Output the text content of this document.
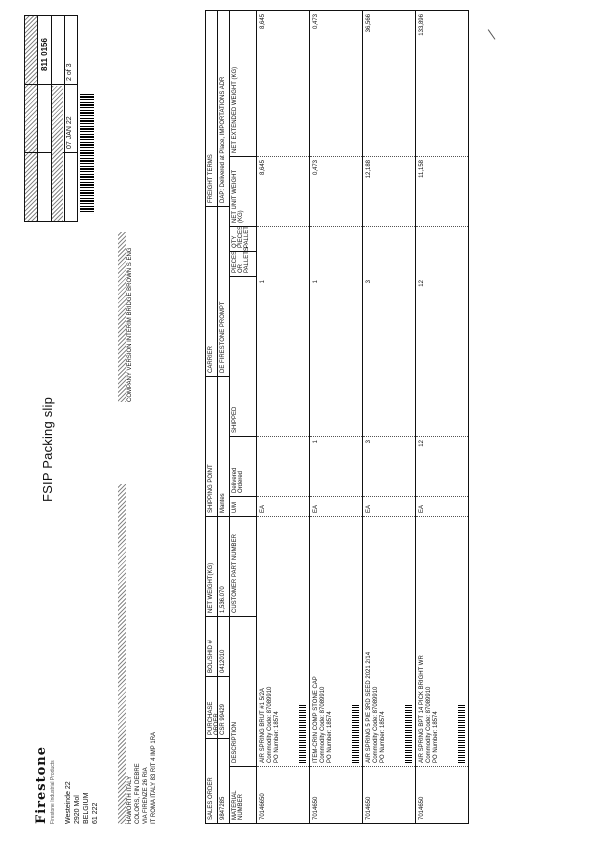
Firestone Firestone Industrial Products Westeinde 22 2920 Mol BELGIUM 61 222
FSIP Packing slip
811 0156
2 of 3
07 JAN 22
HAWORTH ITALY COLORS, FIN DEBRE VIA FIRENZE 26 RIA IT ROMA ITALY 83 RIT 4 IMP 1RA
COMPANY VERSION INTERIM BRIDGE BROWN S ENG
SALES ORDER
PURCHASE ORDER
BOL/SHID #
NET WEIGHT(KG)
SHIPPING POINT
CARRIER
FREIGHT TERMS
9847285
CSR 99429
0412010
1,536.070
Mantes
DE FIRESTONE PROMPT
DAP: Delivered at Place, IMPORTATIONS ADR
MATERIAL NUMBER
DESCRIPTION
CUSTOMER PART NUMBER
U/M
Delivered
Ordered
SHIPPED
PIECES OR PALLETS
QTY PIECES PALLET
NET UNIT WEIGHT (KG)
NET EXTENDED WEIGHT (KG)
70146650
AIR SPRING BRUT #1 5/2A Commodity Code: 87089910 PO Number: 18574
EA
1
8,645
8,645
7014650
ITEM-CRIN COMP STONE CAP Commodity Code: 87089910 PO Number: 18574
EA
1
1
0,473
0,473
7014650
AIR SPRING 5 PIE 3RD SEED 2021 2/14 Commodity Code: 87089910 PO Number: 18574
EA
3
3
12,188
36,566
7014650
AIR SPRING BPT 14 PICK BRIGHT WR Commodity Code: 87089910 PO Number: 18574
EA
12
12
11,158
133,896
